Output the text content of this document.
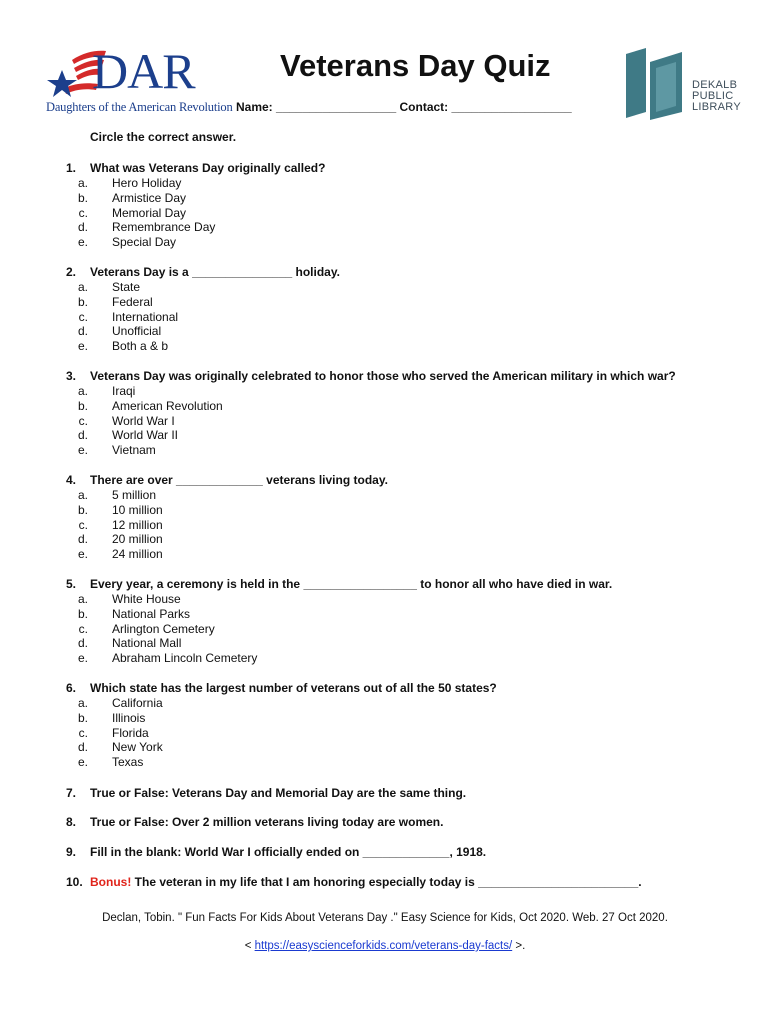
DAR
Daughters of the American Revolution
Veterans Day Quiz
Name: __________________ Contact: __________________
DEKALB
PUBLIC
LIBRARY
Circle the correct answer.
1. What was Veterans Day originally called?
a. Hero Holiday
b. Armistice Day
c. Memorial Day
d. Remembrance Day
e. Special Day
2. Veterans Day is a _______________ holiday.
a. State
b. Federal
c. International
d. Unofficial
e. Both a & b
3. Veterans Day was originally celebrated to honor those who served the American military in which war?
a. Iraqi
b. American Revolution
c. World War I
d. World War II
e. Vietnam
4. There are over _____________ veterans living today.
a. 5 million
b. 10 million
c. 12 million
d. 20 million
e. 24 million
5. Every year, a ceremony is held in the _________________ to honor all who have died in war.
a. White House
b. National Parks
c. Arlington Cemetery
d. National Mall
e. Abraham Lincoln Cemetery
6. Which state has the largest number of veterans out of all the 50 states?
a. California
b. Illinois
c. Florida
d. New York
e. Texas
7. True or False: Veterans Day and Memorial Day are the same thing.
8. True or False: Over 2 million veterans living today are women.
9. Fill in the blank: World War I officially ended on _____________, 1918.
10. Bonus! The veteran in my life that I am honoring especially today is ________________________.
Declan, Tobin. " Fun Facts For Kids About Veterans Day ." Easy Science for Kids, Oct 2020. Web. 27 Oct 2020.
< https://easyscienceforkids.com/veterans-day-facts/ >.
